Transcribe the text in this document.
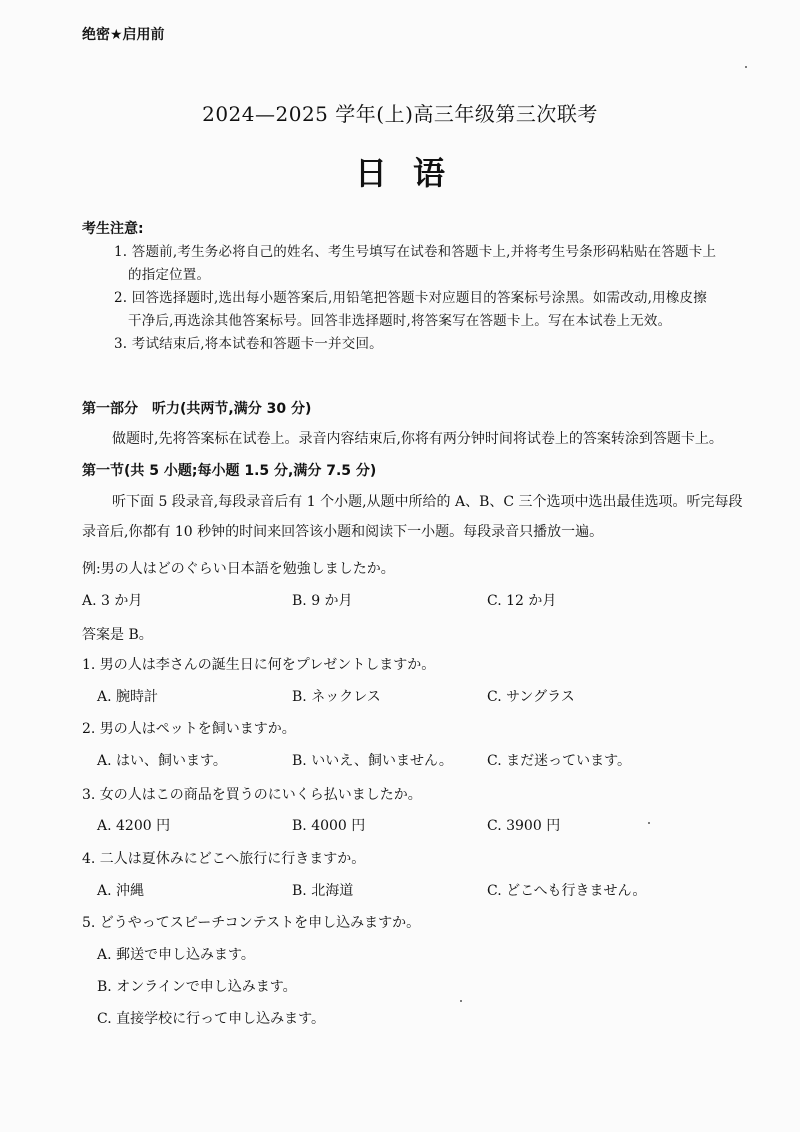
绝密★启用前
2024—2025 学年(上)高三年级第三次联考
日语
考生注意:
1. 答题前,考生务必将自己的姓名、考生号填写在试卷和答题卡上,并将考生号条形码粘贴在答题卡上
的指定位置。
2. 回答选择题时,选出每小题答案后,用铅笔把答题卡对应题目的答案标号涂黑。如需改动,用橡皮擦
干净后,再选涂其他答案标号。回答非选择题时,将答案写在答题卡上。写在本试卷上无效。
3. 考试结束后,将本试卷和答题卡一并交回。
第一部分　听力(共两节,满分 30 分)
做题时,先将答案标在试卷上。录音内容结束后,你将有两分钟时间将试卷上的答案转涂到答题卡上。
第一节(共 5 小题;每小题 1.5 分,满分 7.5 分)
听下面 5 段录音,每段录音后有 1 个小题,从题中所给的 A、B、C 三个选项中选出最佳选项。听完每段
录音后,你都有 10 秒钟的时间来回答该小题和阅读下一小题。每段录音只播放一遍。
例:男の人はどのぐらい日本語を勉強しましたか。
A. 3 か月	B. 9 か月	C. 12 か月
答案是 B。
1. 男の人は李さんの誕生日に何をプレゼントしますか。
A. 腕時計	B. ネックレス	C. サングラス
2. 男の人はペットを飼いますか。
A. はい、飼います。	B. いいえ、飼いません。 C. まだ迷っています。
3. 女の人はこの商品を買うのにいくら払いましたか。
A. 4200 円	B. 4000 円	C. 3900 円
4. 二人は夏休みにどこへ旅行に行きますか。
A. 沖縄	B. 北海道	C. どこへも行きません。
5. どうやってスピーチコンテストを申し込みますか。
A. 郵送で申し込みます。
B. オンラインで申し込みます。
C. 直接学校に行って申し込みます。
